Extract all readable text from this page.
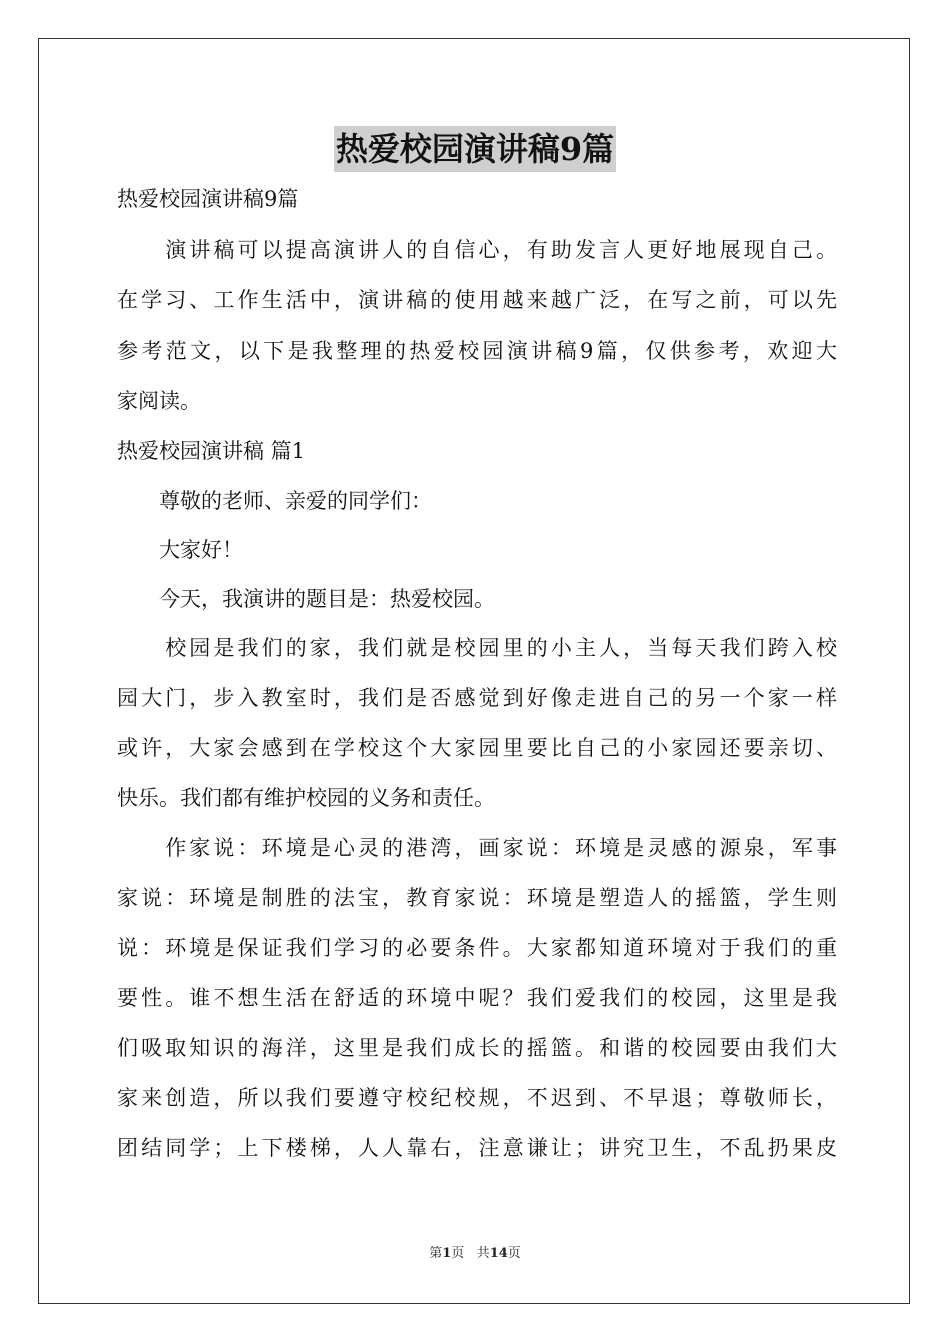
热爱校园演讲稿9篇
热爱校园演讲稿9篇
　　演讲稿可以提高演讲人的自信心，有助发言人更好地展现自己。
在学习、工作生活中，演讲稿的使用越来越广泛，在写之前，可以先
参考范文，以下是我整理的热爱校园演讲稿9篇，仅供参考，欢迎大
家阅读。
热爱校园演讲稿 篇1
　　尊敬的老师、亲爱的同学们：
　　大家好！
　　今天，我演讲的题目是：热爱校园。
　　校园是我们的家，我们就是校园里的小主人，当每天我们跨入校
园大门，步入教室时，我们是否感觉到好像走进自己的另一个家一样
或许，大家会感到在学校这个大家园里要比自己的小家园还要亲切、
快乐。我们都有维护校园的义务和责任。
　　作家说：环境是心灵的港湾，画家说：环境是灵感的源泉，军事
家说：环境是制胜的法宝，教育家说：环境是塑造人的摇篮，学生则
说：环境是保证我们学习的必要条件。大家都知道环境对于我们的重
要性。谁不想生活在舒适的环境中呢？我们爱我们的校园，这里是我
们吸取知识的海洋，这里是我们成长的摇篮。和谐的校园要由我们大
家来创造，所以我们要遵守校纪校规，不迟到、不早退；尊敬师长，
团结同学；上下楼梯，人人靠右，注意谦让；讲究卫生，不乱扔果皮
第1页 共14页
